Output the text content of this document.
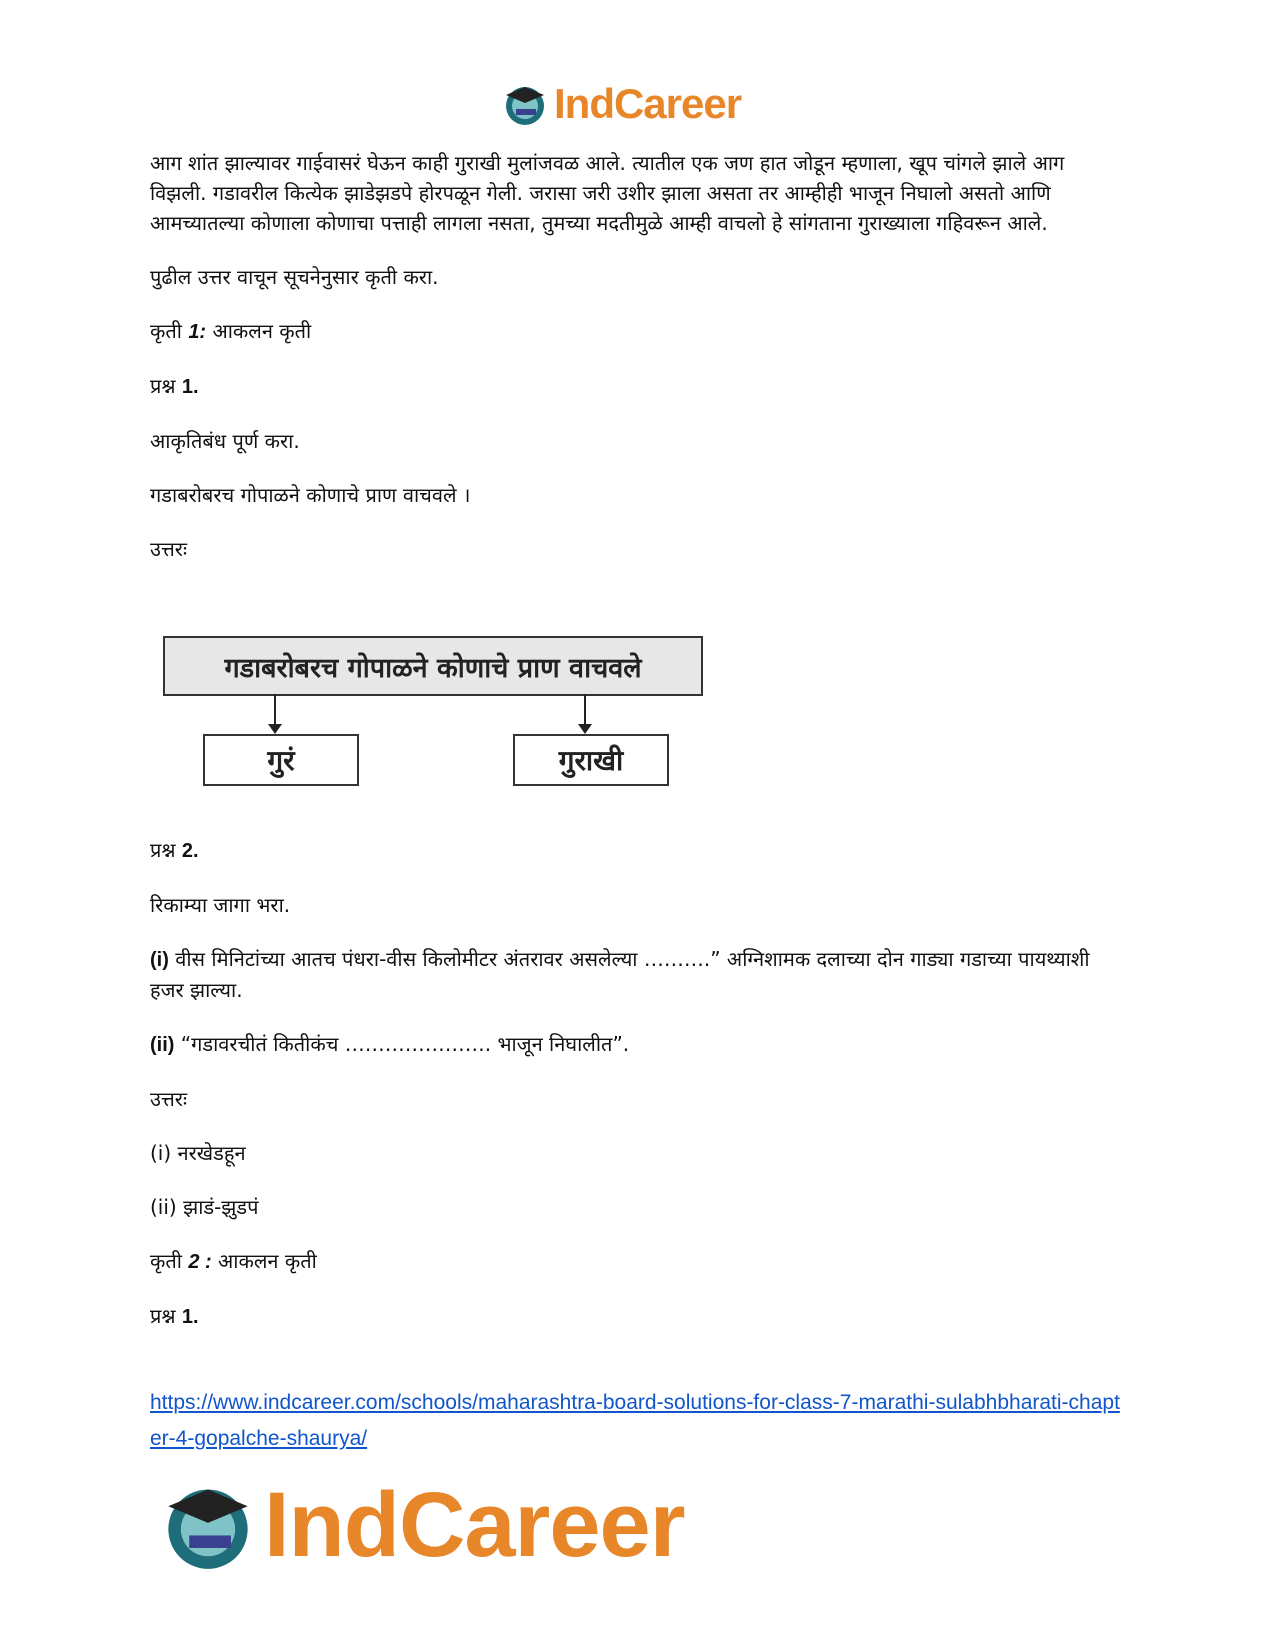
IndCareer

आग शांत झाल्यावर गाईवासरं घेऊन काही गुराखी मुलांजवळ आले. त्यातील एक जण हात जोडून म्हणाला, खूप चांगले झाले आग विझली. गडावरील कित्येक झाडेझडपे होरपळून गेली. जरासा जरी उशीर झाला असता तर आम्हीही भाजून निघालो असतो आणि आमच्यातल्या कोणाला कोणाचा पत्ताही लागला नसता, तुमच्या मदतीमुळे आम्ही वाचलो हे सांगताना गुराख्याला गहिवरून आले.

पुढील उत्तर वाचून सूचनेनुसार कृती करा.

कृती 1: आकलन कृती

प्रश्न 1.

आकृतिबंध पूर्ण करा.

गडाबरोबरच गोपाळने कोणाचे प्राण वाचवले ।

उत्तरः

गडाबरोबरच गोपाळने कोणाचे प्राण वाचवले
गुरं	गुराखी

प्रश्न 2.

रिकाम्या जागा भरा.

(i) वीस मिनिटांच्या आतच पंधरा-वीस किलोमीटर अंतरावर असलेल्या ……….” अग्निशामक दलाच्या दोन गाड्या गडाच्या पायथ्याशी हजर झाल्या.

(ii) “गडावरचीतं कितीकंच …………………. भाजून निघालीत”.

उत्तरः

(i) नरखेडहून

(ii) झाडं-झुडपं

कृती 2 : आकलन कृती

प्रश्न 1.

https://www.indcareer.com/schools/maharashtra-board-solutions-for-class-7-marathi-sulabhbharati-chapter-4-gopalche-shaurya/
IndCareer
